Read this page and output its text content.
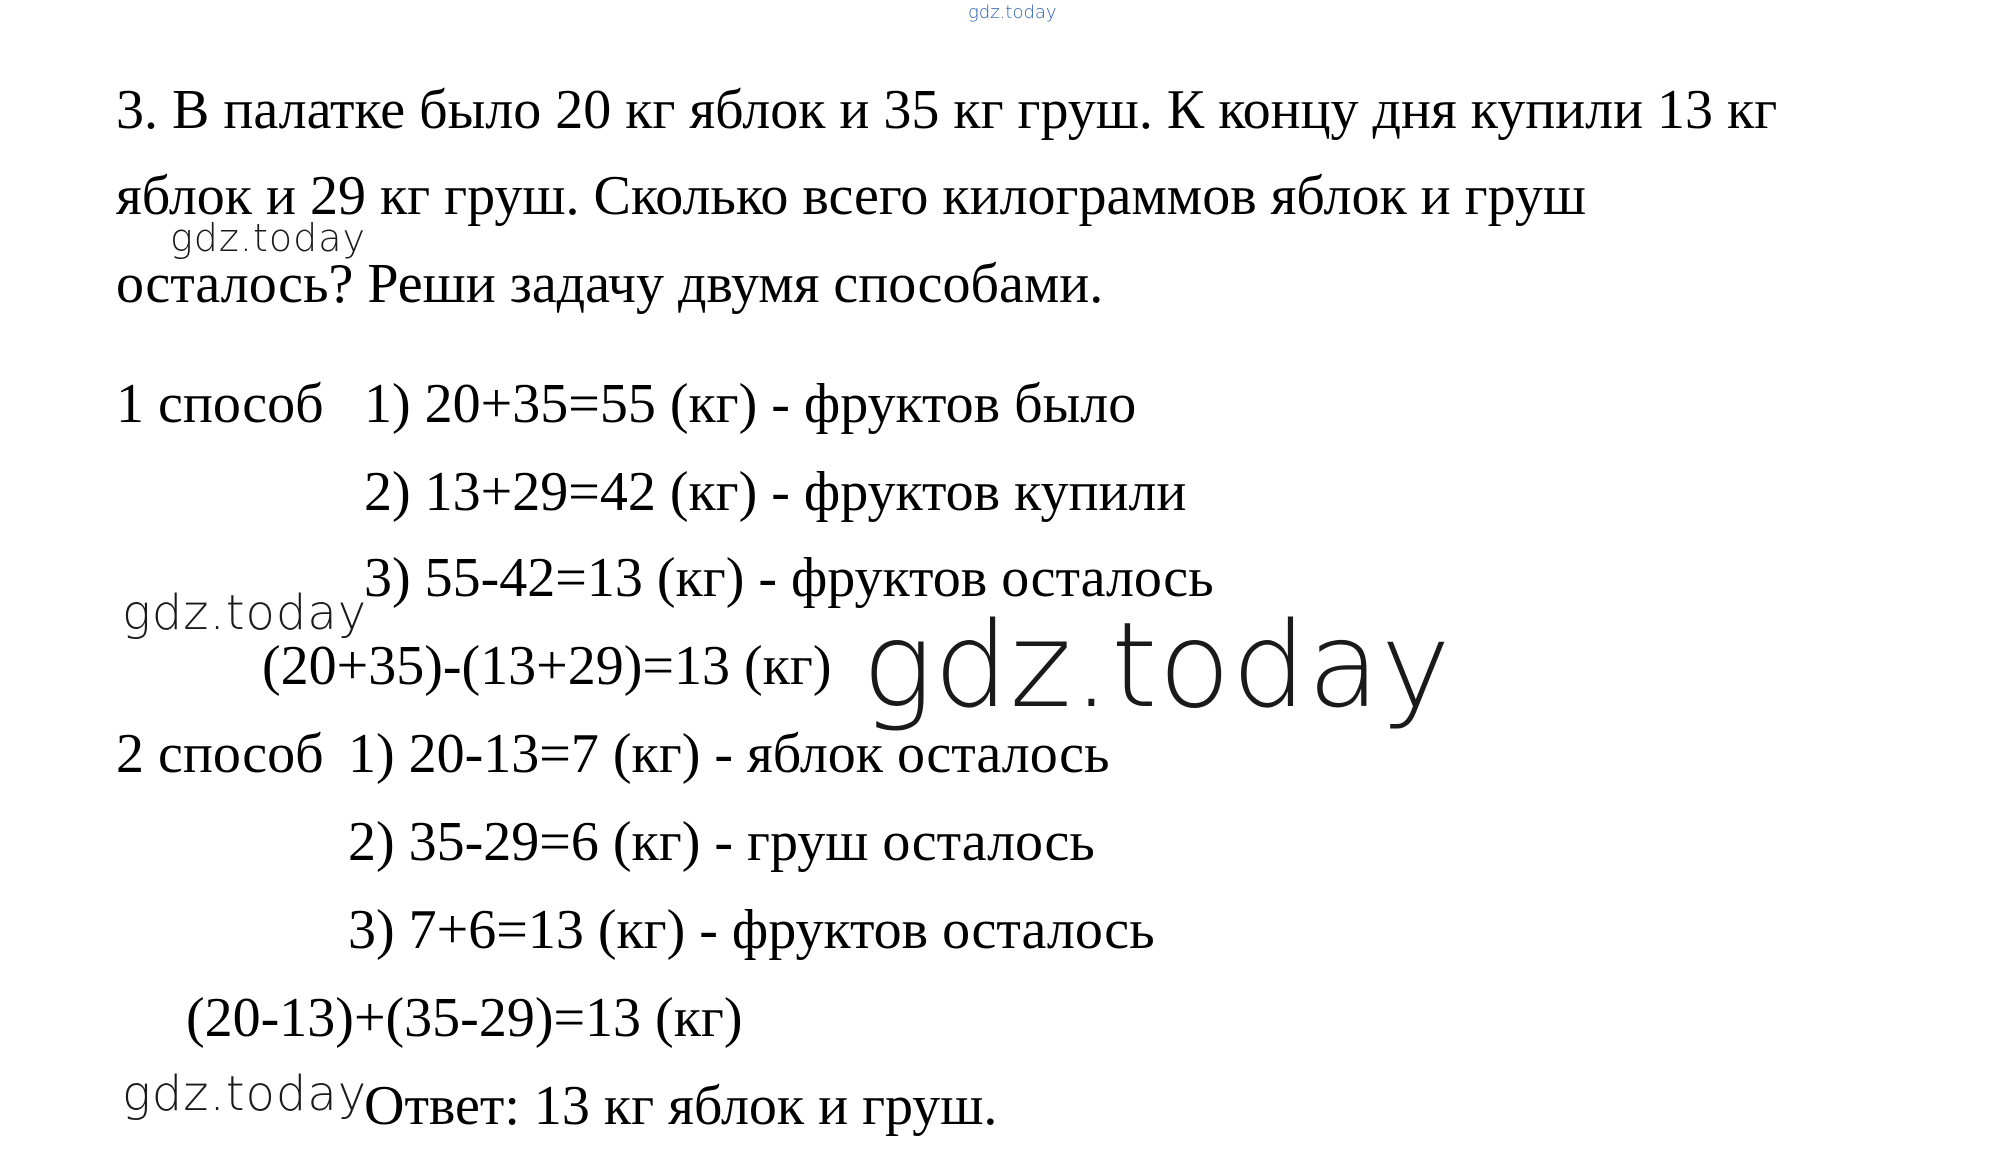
gdz.today
3. В палатке было 20 кг яблок и 35 кг груш. К концу дня купили 13 кг
яблок и 29 кг груш. Сколько всего килограммов яблок и груш
gdz.today
осталось? Реши задачу двумя способами.
1 способ 1) 20+35=55 (кг) - фруктов было
2) 13+29=42 (кг) - фруктов купили
3) 55-42=13 (кг) - фруктов осталось
gdz.today
(20+35)-(13+29)=13 (кг) gdz.today
2 способ 1) 20-13=7 (кг) - яблок осталось
2) 35-29=6 (кг) - груш осталось
3) 7+6=13 (кг) - фруктов осталось
(20-13)+(35-29)=13 (кг)
gdz.today
Ответ: 13 кг яблок и груш.
